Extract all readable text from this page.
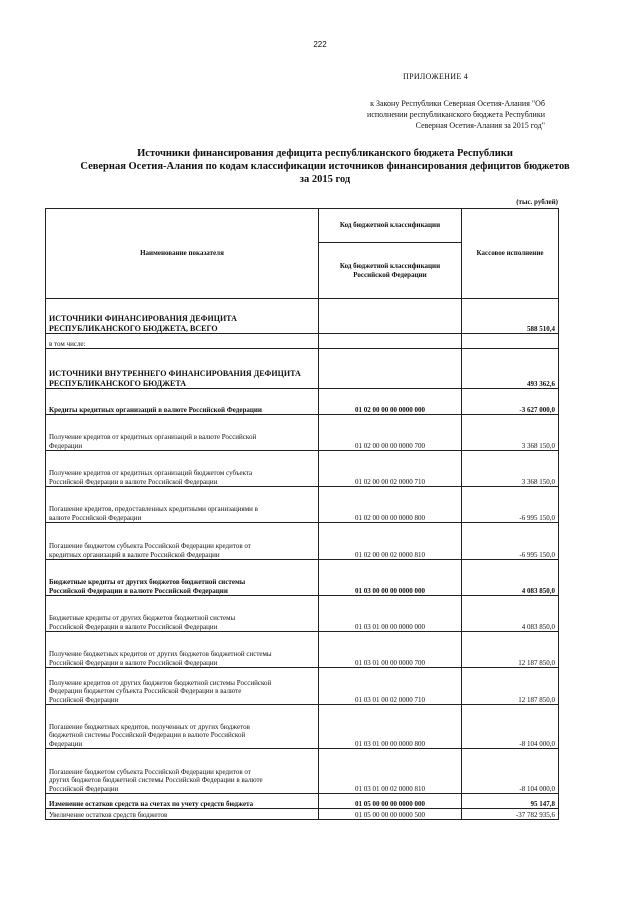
222
ПРИЛОЖЕНИЕ 4
к Закону Республики Северная Осетия-Алания "Об
исполнении республиканского бюджета Республики
Северная Осетия-Алания за 2015 год"
Источники финансирования дефицита республиканского бюджета Республики
Северная Осетия-Алания по кодам классификации источников финансирования дефицитов бюджетов
за 2015 год
(тыс. рублей)
Наименование показателя	Код бюджетной классификации	Кассовое исполнение
	Код бюджетной классификации Российской Федерации	

ИСТОЧНИКИ ФИНАНСИРОВАНИЯ ДЕФИЦИТА
РЕСПУБЛИКАНСКОГО БЮДЖЕТА, ВСЕГО		588 510,4

в том числе:		

ИСТОЧНИКИ ВНУТРЕННЕГО ФИНАНСИРОВАНИЯ ДЕФИЦИТА
РЕСПУБЛИКАНСКОГО БЮДЖЕТА		493 362,6

Кредиты кредитных организаций в валюте Российской Федерации	01 02 00 00 00 0000 000	-3 627 000,0

Получение кредитов от кредитных организаций в валюте Российской
Федерации	01 02 00 00 00 0000 700	3 368 150,0

Получение кредитов от кредитных организаций бюджетом субъекта
Российской Федерации в валюте Российской Федерации	01 02 00 00 02 0000 710	3 368 150,0

Погашение кредитов, предоставленных кредитными организациями в
валюте Российской Федерации	01 02 00 00 00 0000 800	-6 995 150,0

Погашение бюджетом субъекта Российской Федерации кредитов от
кредитных организаций в валюте Российской Федерации	01 02 00 00 02 0000 810	-6 995 150,0

Бюджетные кредиты от других бюджетов бюджетной системы
Российской Федерации в валюте Российской Федерации	01 03 00 00 00 0000 000	4 083 850,0

Бюджетные кредиты от других бюджетов бюджетной системы
Российской Федерации в валюте Российской Федерации	01 03 01 00 00 0000 000	4 083 850,0

Получение бюджетных кредитов от других бюджетов бюджетной системы
Российской Федерации в валюте Российской Федерации	01 03 01 00 00 0000 700	12 187 850,0

Получение кредитов от других бюджетов бюджетной системы Российской
Федерации бюджетом субъекта Российской Федерации в валюте
Российской Федерации	01 03 01 00 02 0000 710	12 187 850,0

Погашение бюджетных кредитов, полученных от других бюджетов
бюджетной системы Российской Федерации в валюте Российской
Федерации	01 03 01 00 00 0000 800	-8 104 000,0

Погашение бюджетом субъекта Российской Федерации кредитов от
других бюджетов бюджетной системы Российской Федерации в валюте
Российской Федерации	01 03 01 00 02 0000 810	-8 104 000,0

Изменение остатков средств на счетах по учету средств бюджета	01 05 00 00 00 0000 000	95 147,8

Увеличение остатков средств бюджетов	01 05 00 00 00 0000 500	-37 782 935,6
